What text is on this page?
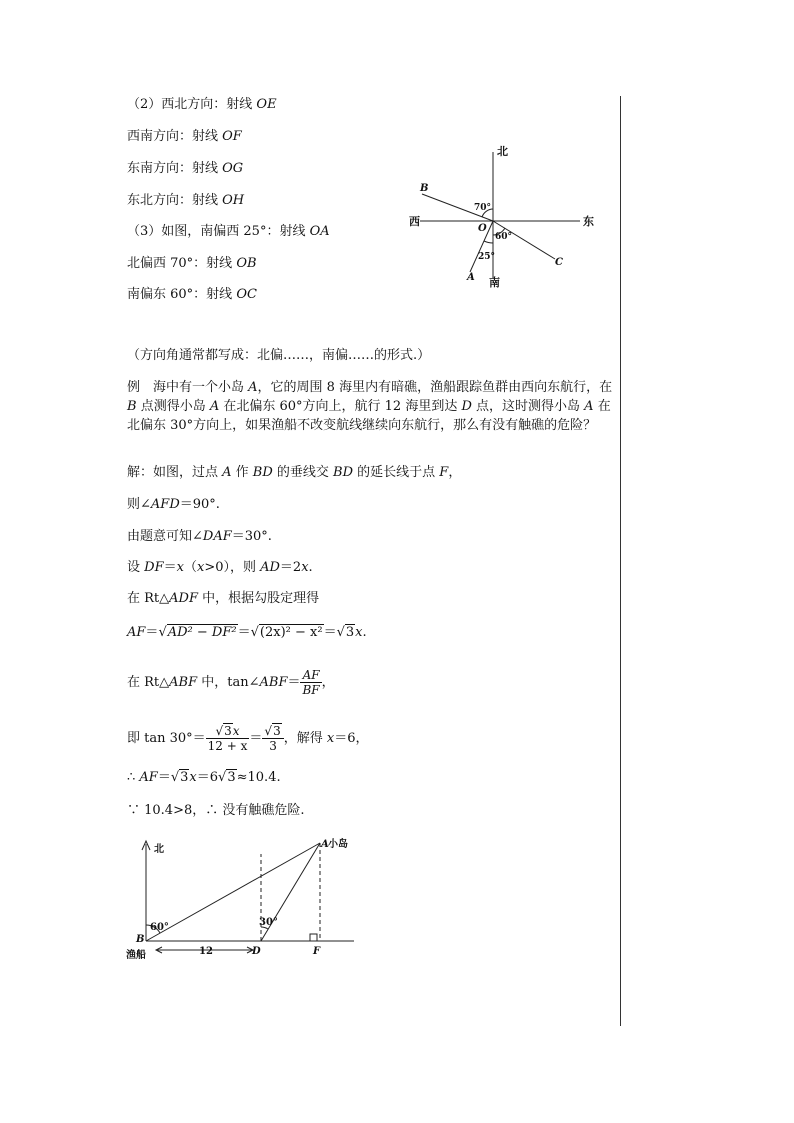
（2）西北方向：射线 OE
西南方向：射线 OF
东南方向：射线 OG
东北方向：射线 OH
（3）如图，南偏西 25°：射线 OA
北偏西 70°：射线 OB
南偏东 60°：射线 OC
北
南
东
西
O
B
C
A
70°
60°
25°
（方向角通常都写成：北偏……，南偏……的形式.）
例　海中有一个小岛 A，它的周围 8 海里内有暗礁，渔船跟踪鱼群由西向东航行，在 B 点测得小岛 A 在北偏东 60°方向上，航行 12 海里到达 D 点，这时测得小岛 A 在北偏东 30°方向上，如果渔船不改变航线继续向东航行，那么有没有触礁的危险？
解：如图，过点 A 作 BD 的垂线交 BD 的延长线于点 F，
则∠AFD＝90°.
由题意可知∠DAF＝30°.
设 DF＝x（x>0），则 AD＝2x.
在 Rt△ADF 中，根据勾股定理得
AF＝√AD² − DF²＝√(2x)² − x²＝√3x.
在 Rt△ABF 中，tan∠ABF＝ $\frac{AF}{BF}$ ，
即 $\tan 30^\circ= \frac{√3x}{12 + x} = \frac{√3}{3}$ ，解得 x＝6，
∴ AF＝√3x＝6√3≈10.4.
∵ 10.4>8，∴ 没有触礁危险.
北
60°	30°
渔船	12
小岛
B
D	F
A
